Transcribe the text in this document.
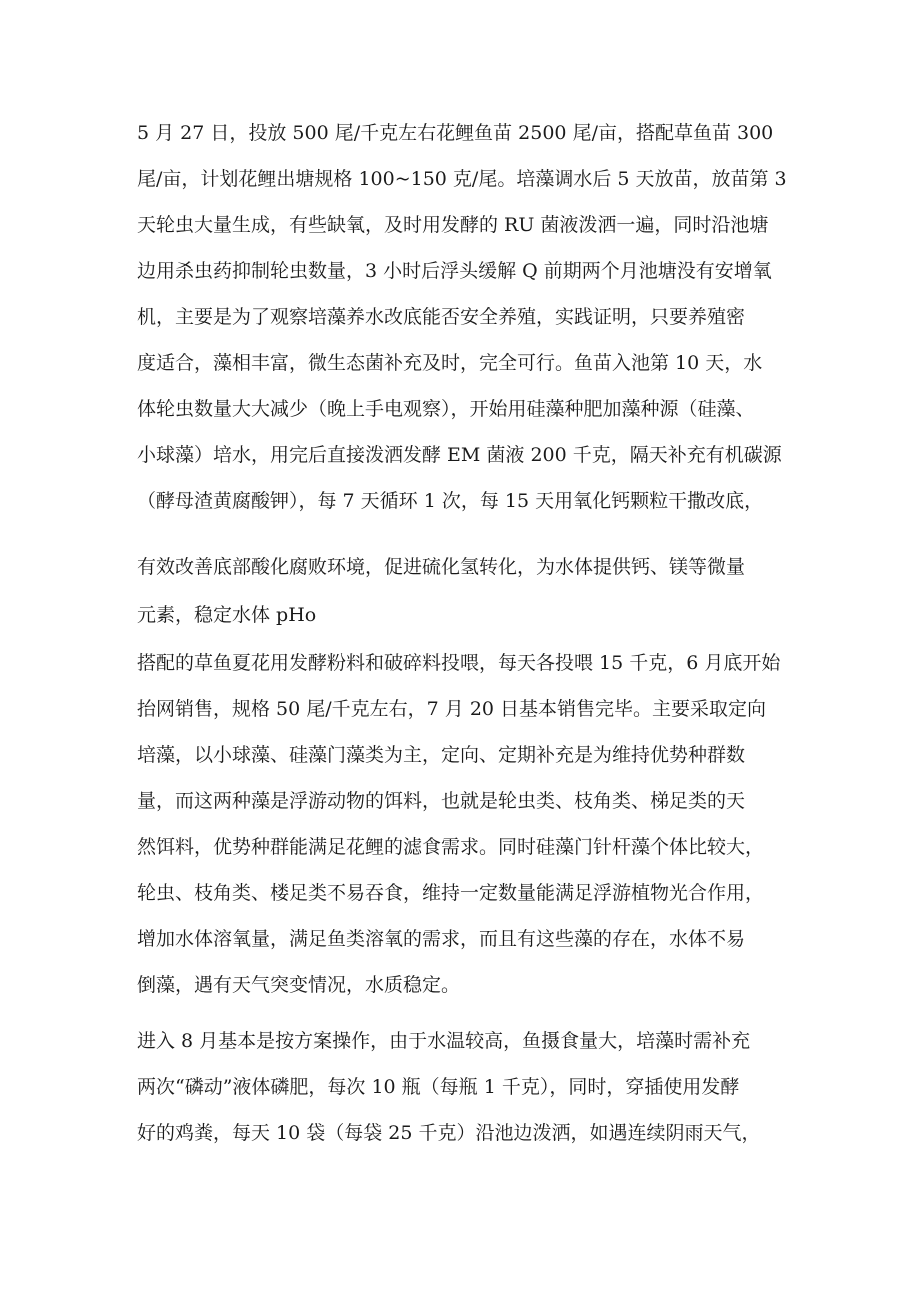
5 月 27 日，投放 500 尾/千克左右花鲤鱼苗 2500 尾/亩，搭配草鱼苗 300
尾/亩，计划花鲤出塘规格 100~150 克/尾。培藻调水后 5 天放苗，放苗第 3
天轮虫大量生成，有些缺氧，及时用发酵的 RU 菌液泼洒一遍，同时沿池塘
边用杀虫药抑制轮虫数量，3 小时后浮头缓解 Q 前期两个月池塘没有安增氧
机，主要是为了观察培藻养水改底能否安全养殖，实践证明，只要养殖密
度适合，藻相丰富，微生态菌补充及时，完全可行。鱼苗入池第 10 天，水
体轮虫数量大大减少（晚上手电观察），开始用硅藻种肥加藻种源（硅藻、
小球藻）培水，用完后直接泼洒发酵 EM 菌液 200 千克，隔天补充有机碳源
（酵母渣黄腐酸钾），每 7 天循环 1 次，每 15 天用氧化钙颗粒干撒改底，
有效改善底部酸化腐败环境，促进硫化氢转化，为水体提供钙、镁等微量
元素，稳定水体 pHo
搭配的草鱼夏花用发酵粉料和破碎料投喂，每天各投喂 15 千克，6 月底开始
抬网销售，规格 50 尾/千克左右，7 月 20 日基本销售完毕。主要采取定向
培藻，以小球藻、硅藻门藻类为主，定向、定期补充是为维持优势种群数
量，而这两种藻是浮游动物的饵料，也就是轮虫类、枝角类、梯足类的天
然饵料，优势种群能满足花鲤的滤食需求。同时硅藻门针杆藻个体比较大，
轮虫、枝角类、楼足类不易吞食，维持一定数量能满足浮游植物光合作用，
增加水体溶氧量，满足鱼类溶氧的需求，而且有这些藻的存在，水体不易
倒藻，遇有天气突变情况，水质稳定。
进入 8 月基本是按方案操作，由于水温较高，鱼摄食量大，培藻时需补充
两次“磷动”液体磷肥，每次 10 瓶（每瓶 1 千克），同时，穿插使用发酵
好的鸡粪，每天 10 袋（每袋 25 千克）沿池边泼洒，如遇连续阴雨天气，
